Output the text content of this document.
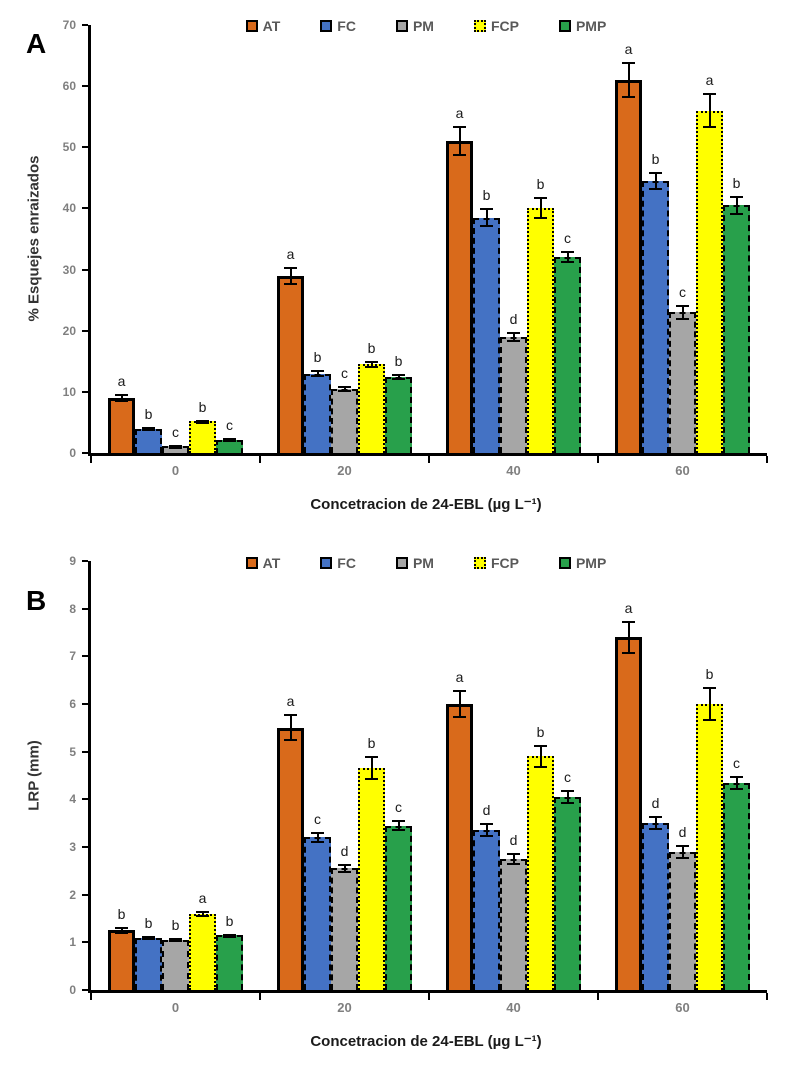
A
AT	FC	PM	FCP	PMP
% Esquejes enraizados
0
10
20
30
40
50
60
70
0	20	40	60
a
b
c
b
c
a
b
c
b
b
a
b
d
b
c
a
b
c
a
b
Concetracion de 24-EBL (µg L⁻¹)
B
AT	FC	PM	FCP	PMP
LRP (mm)
0
1
2
3
4
5
6
7
8
9
0	20	40	60
b
b	b
a
b
a
c
d
b
c
a
d
d
b
c
a
d
d
b
c
Concetracion de 24-EBL (µg L⁻¹)
